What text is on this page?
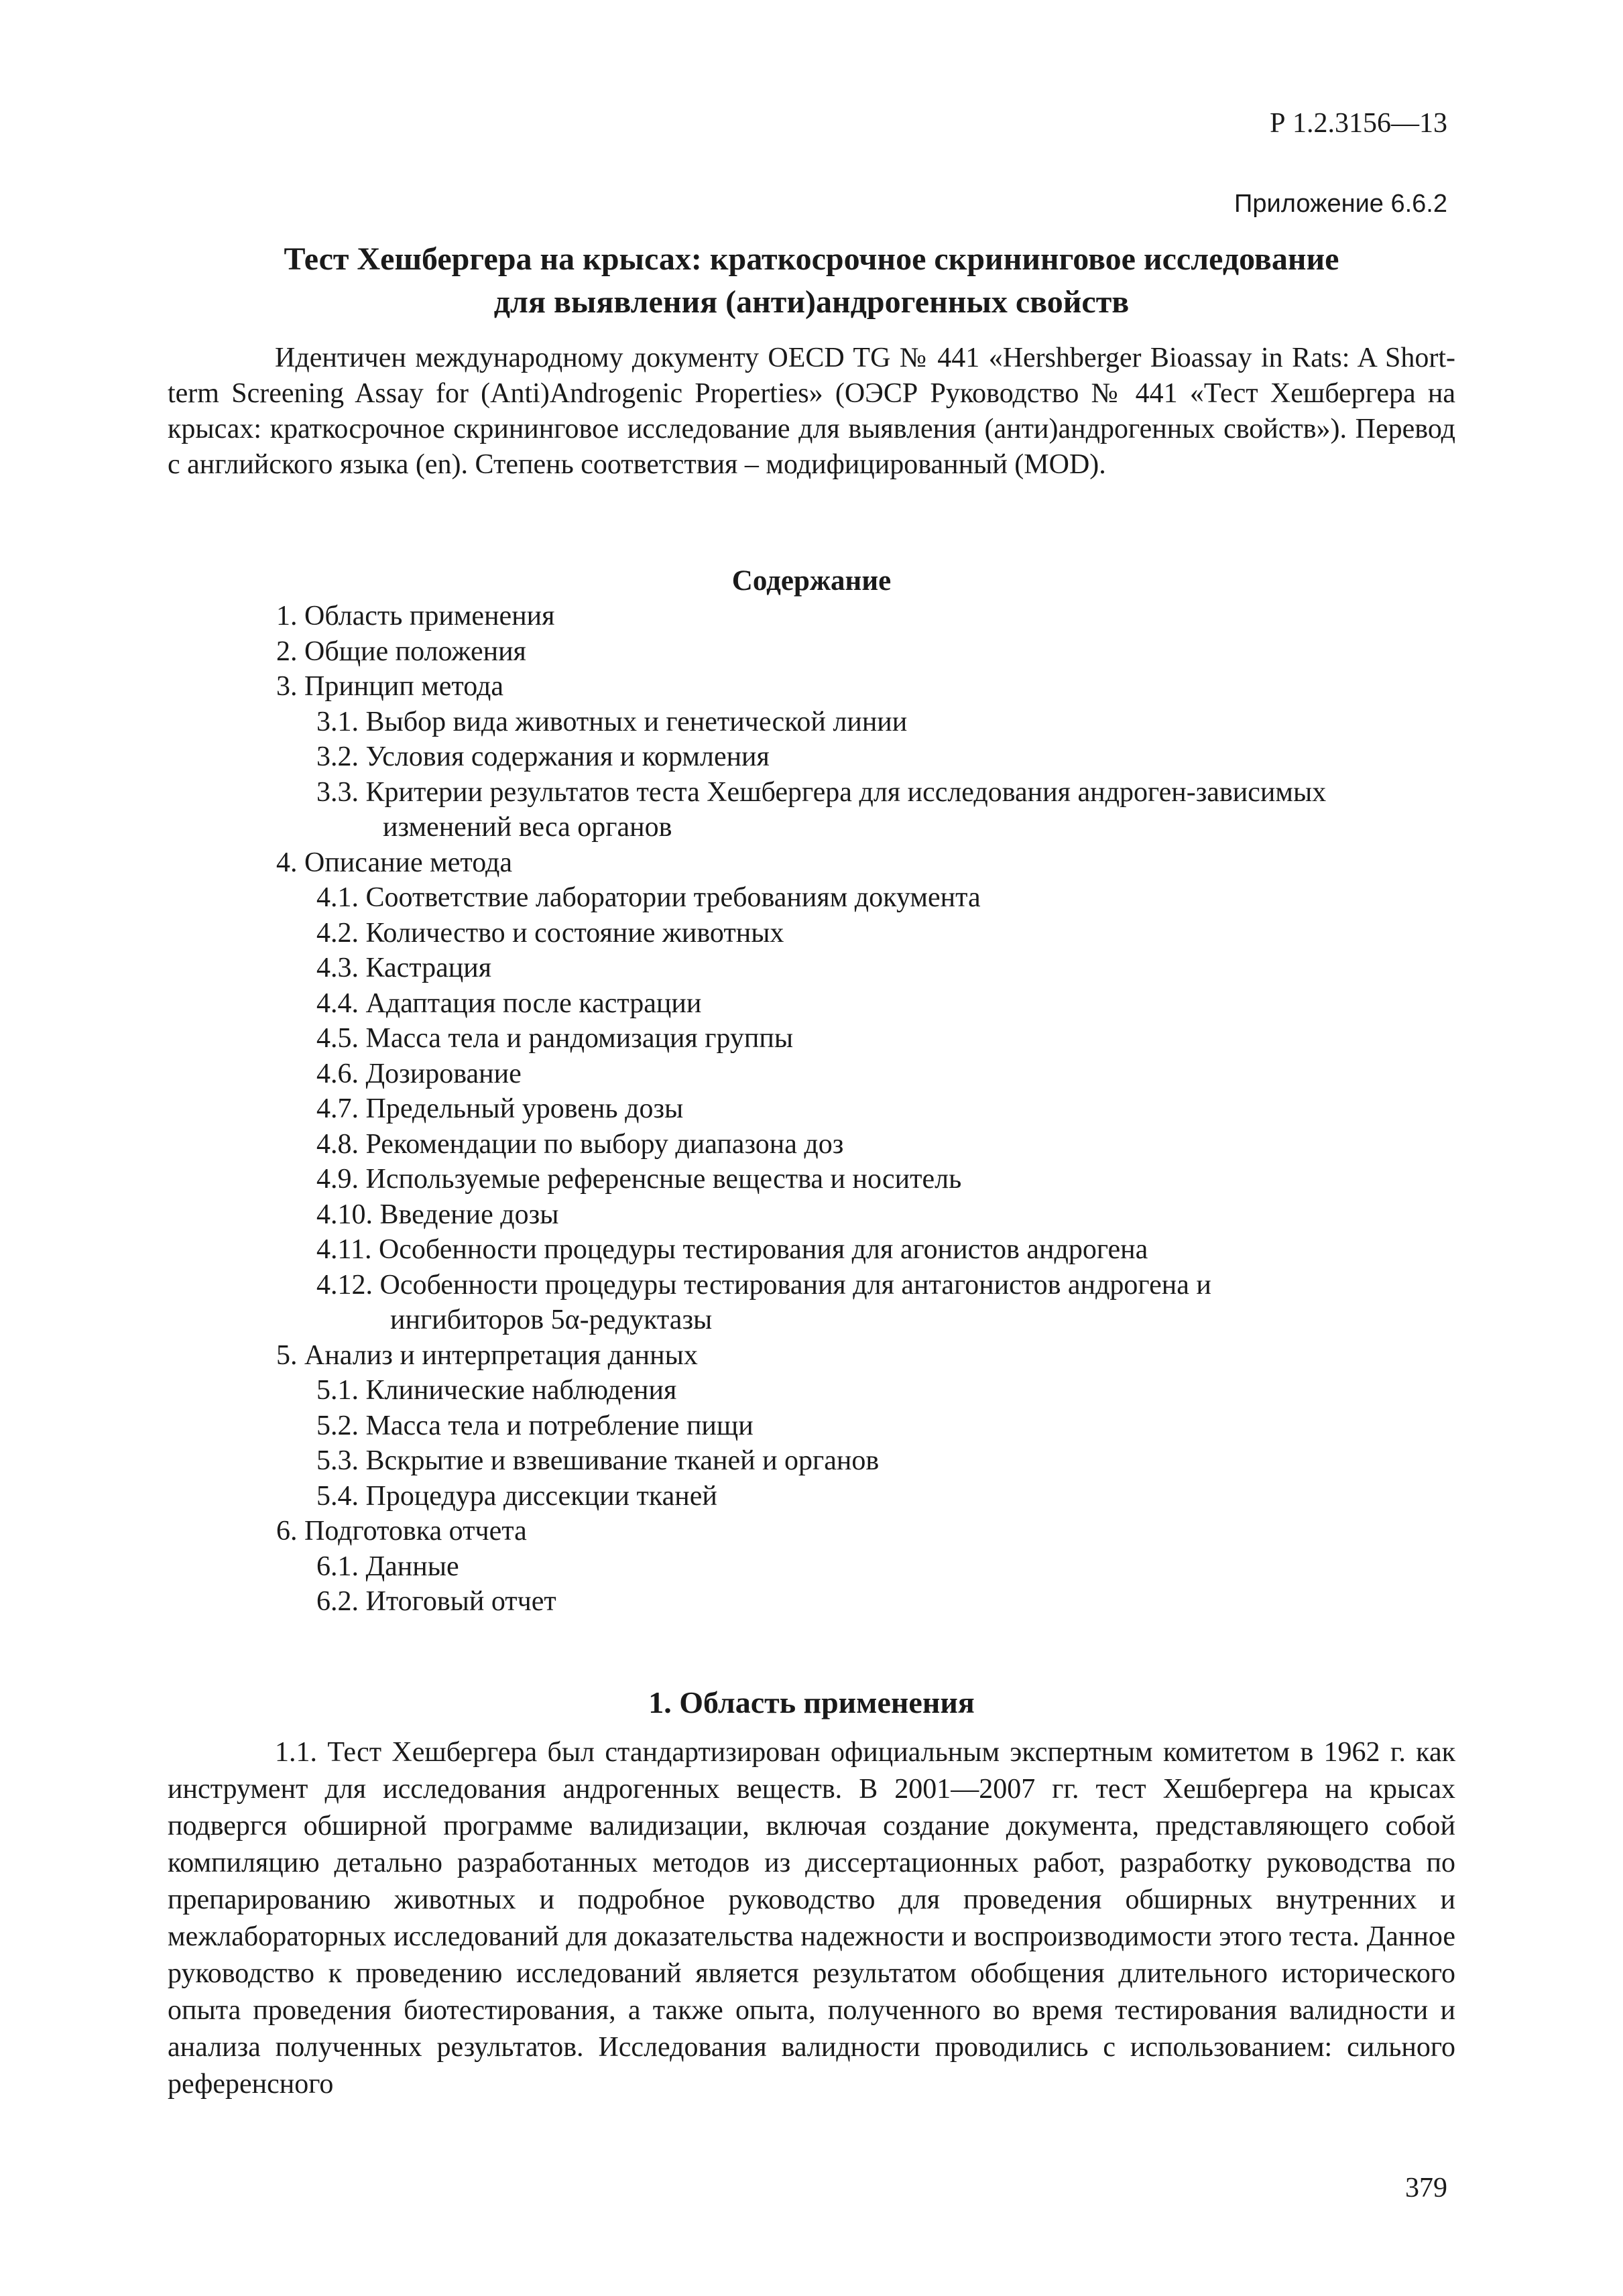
Р 1.2.3156—13
Приложение 6.6.2
Тест Хешбергера на крысах: краткосрочное скрининговое исследование
для выявления (анти)андрогенных свойств

Идентичен международному документу OECD TG № 441 «Hershberger Bioassay in Rats: A Short-term Screening Assay for (Anti)Androgenic Properties» (ОЭСР Руководство № 441 «Тест Хешбергера на крысах: краткосрочное скрининговое исследование для выявления (анти)андрогенных свойств»). Перевод с английского языка (en). Степень соответствия – модифицированный (MOD).

Содержание
1. Область применения
2. Общие положения
3. Принцип метода
3.1. Выбор вида животных и генетической линии
3.2. Условия содержания и кормления
3.3. Критерии результатов теста Хешбергера для исследования андроген-зависимых
изменений веса органов
4. Описание метода
4.1. Соответствие лаборатории требованиям документа
4.2. Количество и состояние животных
4.3. Кастрация
4.4. Адаптация после кастрации
4.5. Масса тела и рандомизация группы
4.6. Дозирование
4.7. Предельный уровень дозы
4.8. Рекомендации по выбору диапазона доз
4.9. Используемые референсные вещества и носитель
4.10. Введение дозы
4.11. Особенности процедуры тестирования для агонистов андрогена
4.12. Особенности процедуры тестирования для антагонистов андрогена и
ингибиторов 5α-редуктазы
5. Анализ и интерпретация данных
5.1. Клинические наблюдения
5.2. Масса тела и потребление пищи
5.3. Вскрытие и взвешивание тканей и органов
5.4. Процедура диссекции тканей
6. Подготовка отчета
6.1. Данные
6.2. Итоговый отчет
1. Область применения

1.1. Тест Хешбергера был стандартизирован официальным экспертным комитетом в 1962 г. как инструмент для исследования андрогенных веществ. В 2001—2007 гг. тест Хешбергера на крысах подвергся обширной программе валидизации, включая создание документа, представляющего собой компиляцию детально разработанных методов из диссертационных работ, разработку руководства по препарированию животных и подробное руководство для проведения обширных внутренних и межлабораторных исследований для доказательства надежности и воспроизводимости этого теста. Данное руководство к проведению исследований является результатом обобщения длительного исторического опыта проведения биотестирования, а также опыта, полученного во время тестирования валидности и анализа полученных результатов. Исследования валидности проводились с использованием: сильного референсного

379
